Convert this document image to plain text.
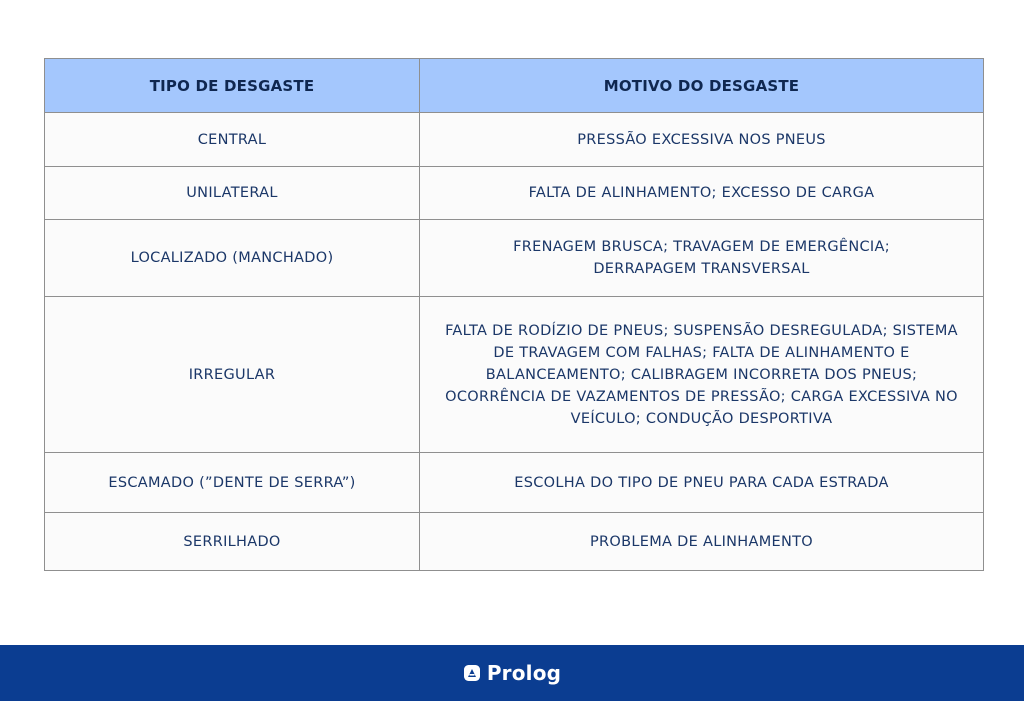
TIPO DE DESGASTE	MOTIVO DO DESGASTE
CENTRAL	PRESSÃO EXCESSIVA NOS PNEUS
UNILATERAL	FALTA DE ALINHAMENTO; EXCESSO DE CARGA
LOCALIZADO (MANCHADO)	FRENAGEM BRUSCA; TRAVAGEM DE EMERGÊNCIA; DERRAPAGEM TRANSVERSAL
IRREGULAR	FALTA DE RODÍZIO DE PNEUS; SUSPENSÃO DESREGULADA; SISTEMA DE TRAVAGEM COM FALHAS; FALTA DE ALINHAMENTO E BALANCEAMENTO; CALIBRAGEM INCORRETA DOS PNEUS; OCORRÊNCIA DE VAZAMENTOS DE PRESSÃO; CARGA EXCESSIVA NO VEÍCULO; CONDUÇÃO DESPORTIVA
ESCAMADO (”DENTE DE SERRA”)	ESCOLHA DO TIPO DE PNEU PARA CADA ESTRADA
SERRILHADO	PROBLEMA DE ALINHAMENTO
Prolog
